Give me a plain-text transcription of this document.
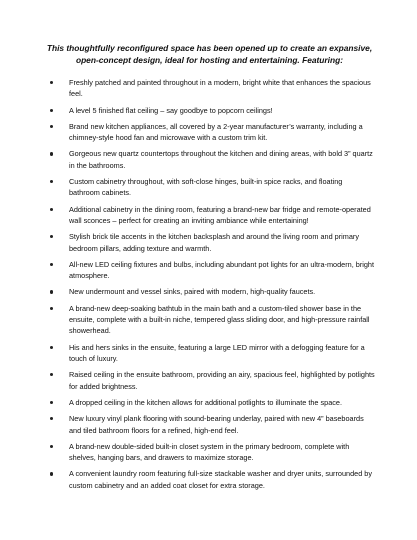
This thoughtfully reconfigured space has been opened up to create an expansive, open-concept design, ideal for hosting and entertaining. Featuring:

Freshly patched and painted throughout in a modern, bright white that enhances the spacious feel.
A level 5 finished flat ceiling – say goodbye to popcorn ceilings!
Brand new kitchen appliances, all covered by a 2-year manufacturer’s warranty, including a chimney-style hood fan and microwave with a custom trim kit.
Gorgeous new quartz countertops throughout the kitchen and dining areas, with bold 3” quartz in the bathrooms.
Custom cabinetry throughout, with soft-close hinges, built-in spice racks, and floating bathroom cabinets.
Additional cabinetry in the dining room, featuring a brand-new bar fridge and remote-operated wall sconces – perfect for creating an inviting ambiance while entertaining!
Stylish brick tile accents in the kitchen backsplash and around the living room and primary bedroom pillars, adding texture and warmth.
All-new LED ceiling fixtures and bulbs, including abundant pot lights for an ultra-modern, bright atmosphere.
New undermount and vessel sinks, paired with modern, high-quality faucets.
A brand-new deep-soaking bathtub in the main bath and a custom-tiled shower base in the ensuite, complete with a built-in niche, tempered glass sliding door, and high-pressure rainfall showerhead.
His and hers sinks in the ensuite, featuring a large LED mirror with a defogging feature for a touch of luxury.
Raised ceiling in the ensuite bathroom, providing an airy, spacious feel, highlighted by potlights for added brightness.
A dropped ceiling in the kitchen allows for additional potlights to illuminate the space.
New luxury vinyl plank flooring with sound-bearing underlay, paired with new 4” baseboards and tiled bathroom floors for a refined, high-end feel.
A brand-new double-sided built-in closet system in the primary bedroom, complete with shelves, hanging bars, and drawers to maximize storage.
A convenient laundry room featuring full-size stackable washer and dryer units, surrounded by custom cabinetry and an added coat closet for extra storage.
